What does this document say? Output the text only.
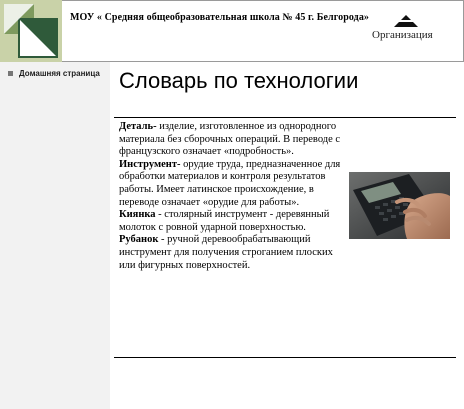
МОУ « Средняя общеобразовательная школа № 45 г. Белгорода»
Организация
Домашняя страница Словарь по технологии

Деталь- изделие, изготовленное из однородного материала без сборочных операций. В переводе с французского означает «подробность».

Инструмент- орудие труда, предназначенное для обработки материалов и контроля результатов работы. Имеет латинское происхождение, в переводе означает «орудие для работы».

Киянка - столярный инструмент - деревянный молоток с ровной ударной поверхностью.

Рубанок - ручной деревообрабатывающий инструмент для получения строганием плоских или фигурных поверхностей.
